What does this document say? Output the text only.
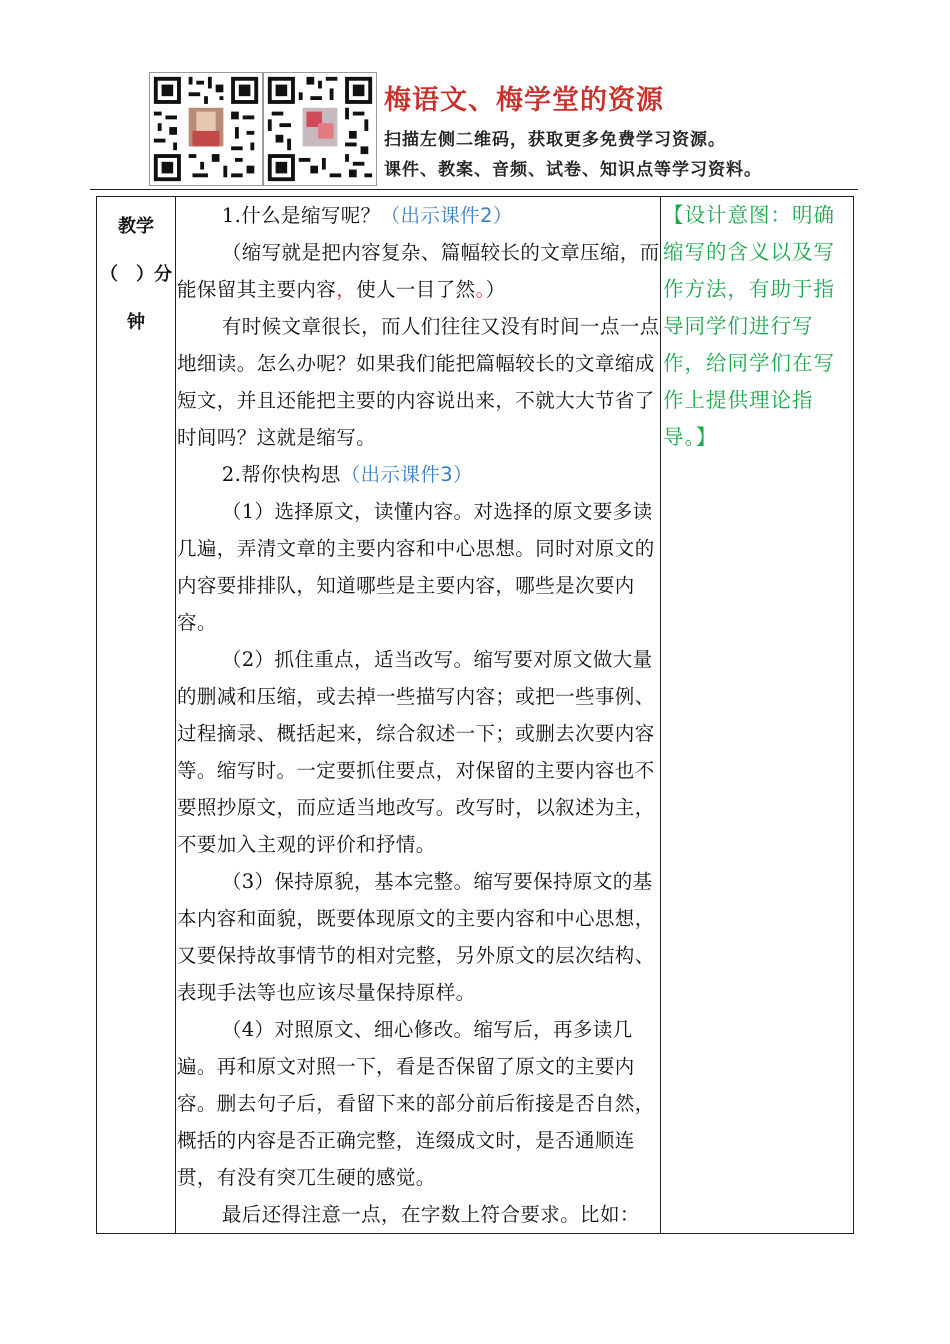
梅语文、梅学堂的资源
扫描左侧二维码，获取更多免费学习资源。
课件、教案、音频、试卷、知识点等学习资料。
教学
（　）分
钟

1.什么是缩写呢？（出示课件2）

（缩写就是把内容复杂、篇幅较长的文章压缩，而能保留其主要内容，使人一目了然。）

有时候文章很长，而人们往往又没有时间一点一点地细读。怎么办呢？如果我们能把篇幅较长的文章缩成短文，并且还能把主要的内容说出来，不就大大节省了时间吗？这就是缩写。

2.帮你快构思（出示课件3）

（1）选择原文，读懂内容。对选择的原文要多读几遍，弄清文章的主要内容和中心思想。同时对原文的内容要排排队，知道哪些是主要内容，哪些是次要内容。

（2）抓住重点，适当改写。缩写要对原文做大量的删减和压缩，或去掉一些描写内容；或把一些事例、过程摘录、概括起来，综合叙述一下；或删去次要内容等。缩写时。一定要抓住要点，对保留的主要内容也不要照抄原文，而应适当地改写。改写时，以叙述为主，不要加入主观的评价和抒情。

（3）保持原貌，基本完整。缩写要保持原文的基本内容和面貌，既要体现原文的主要内容和中心思想，又要保持故事情节的相对完整，另外原文的层次结构、表现手法等也应该尽量保持原样。

（4）对照原文、细心修改。缩写后，再多读几遍。再和原文对照一下，看是否保留了原文的主要内容。删去句子后，看留下来的部分前后衔接是否自然，概括的内容是否正确完整，连缀成文时，是否通顺连贯，有没有突兀生硬的感觉。

最后还得注意一点，在字数上符合要求。比如：

【设计意图：明确缩写的含义以及写作方法，有助于指导同学们进行写作，给同学们在写作上提供理论指导。】
